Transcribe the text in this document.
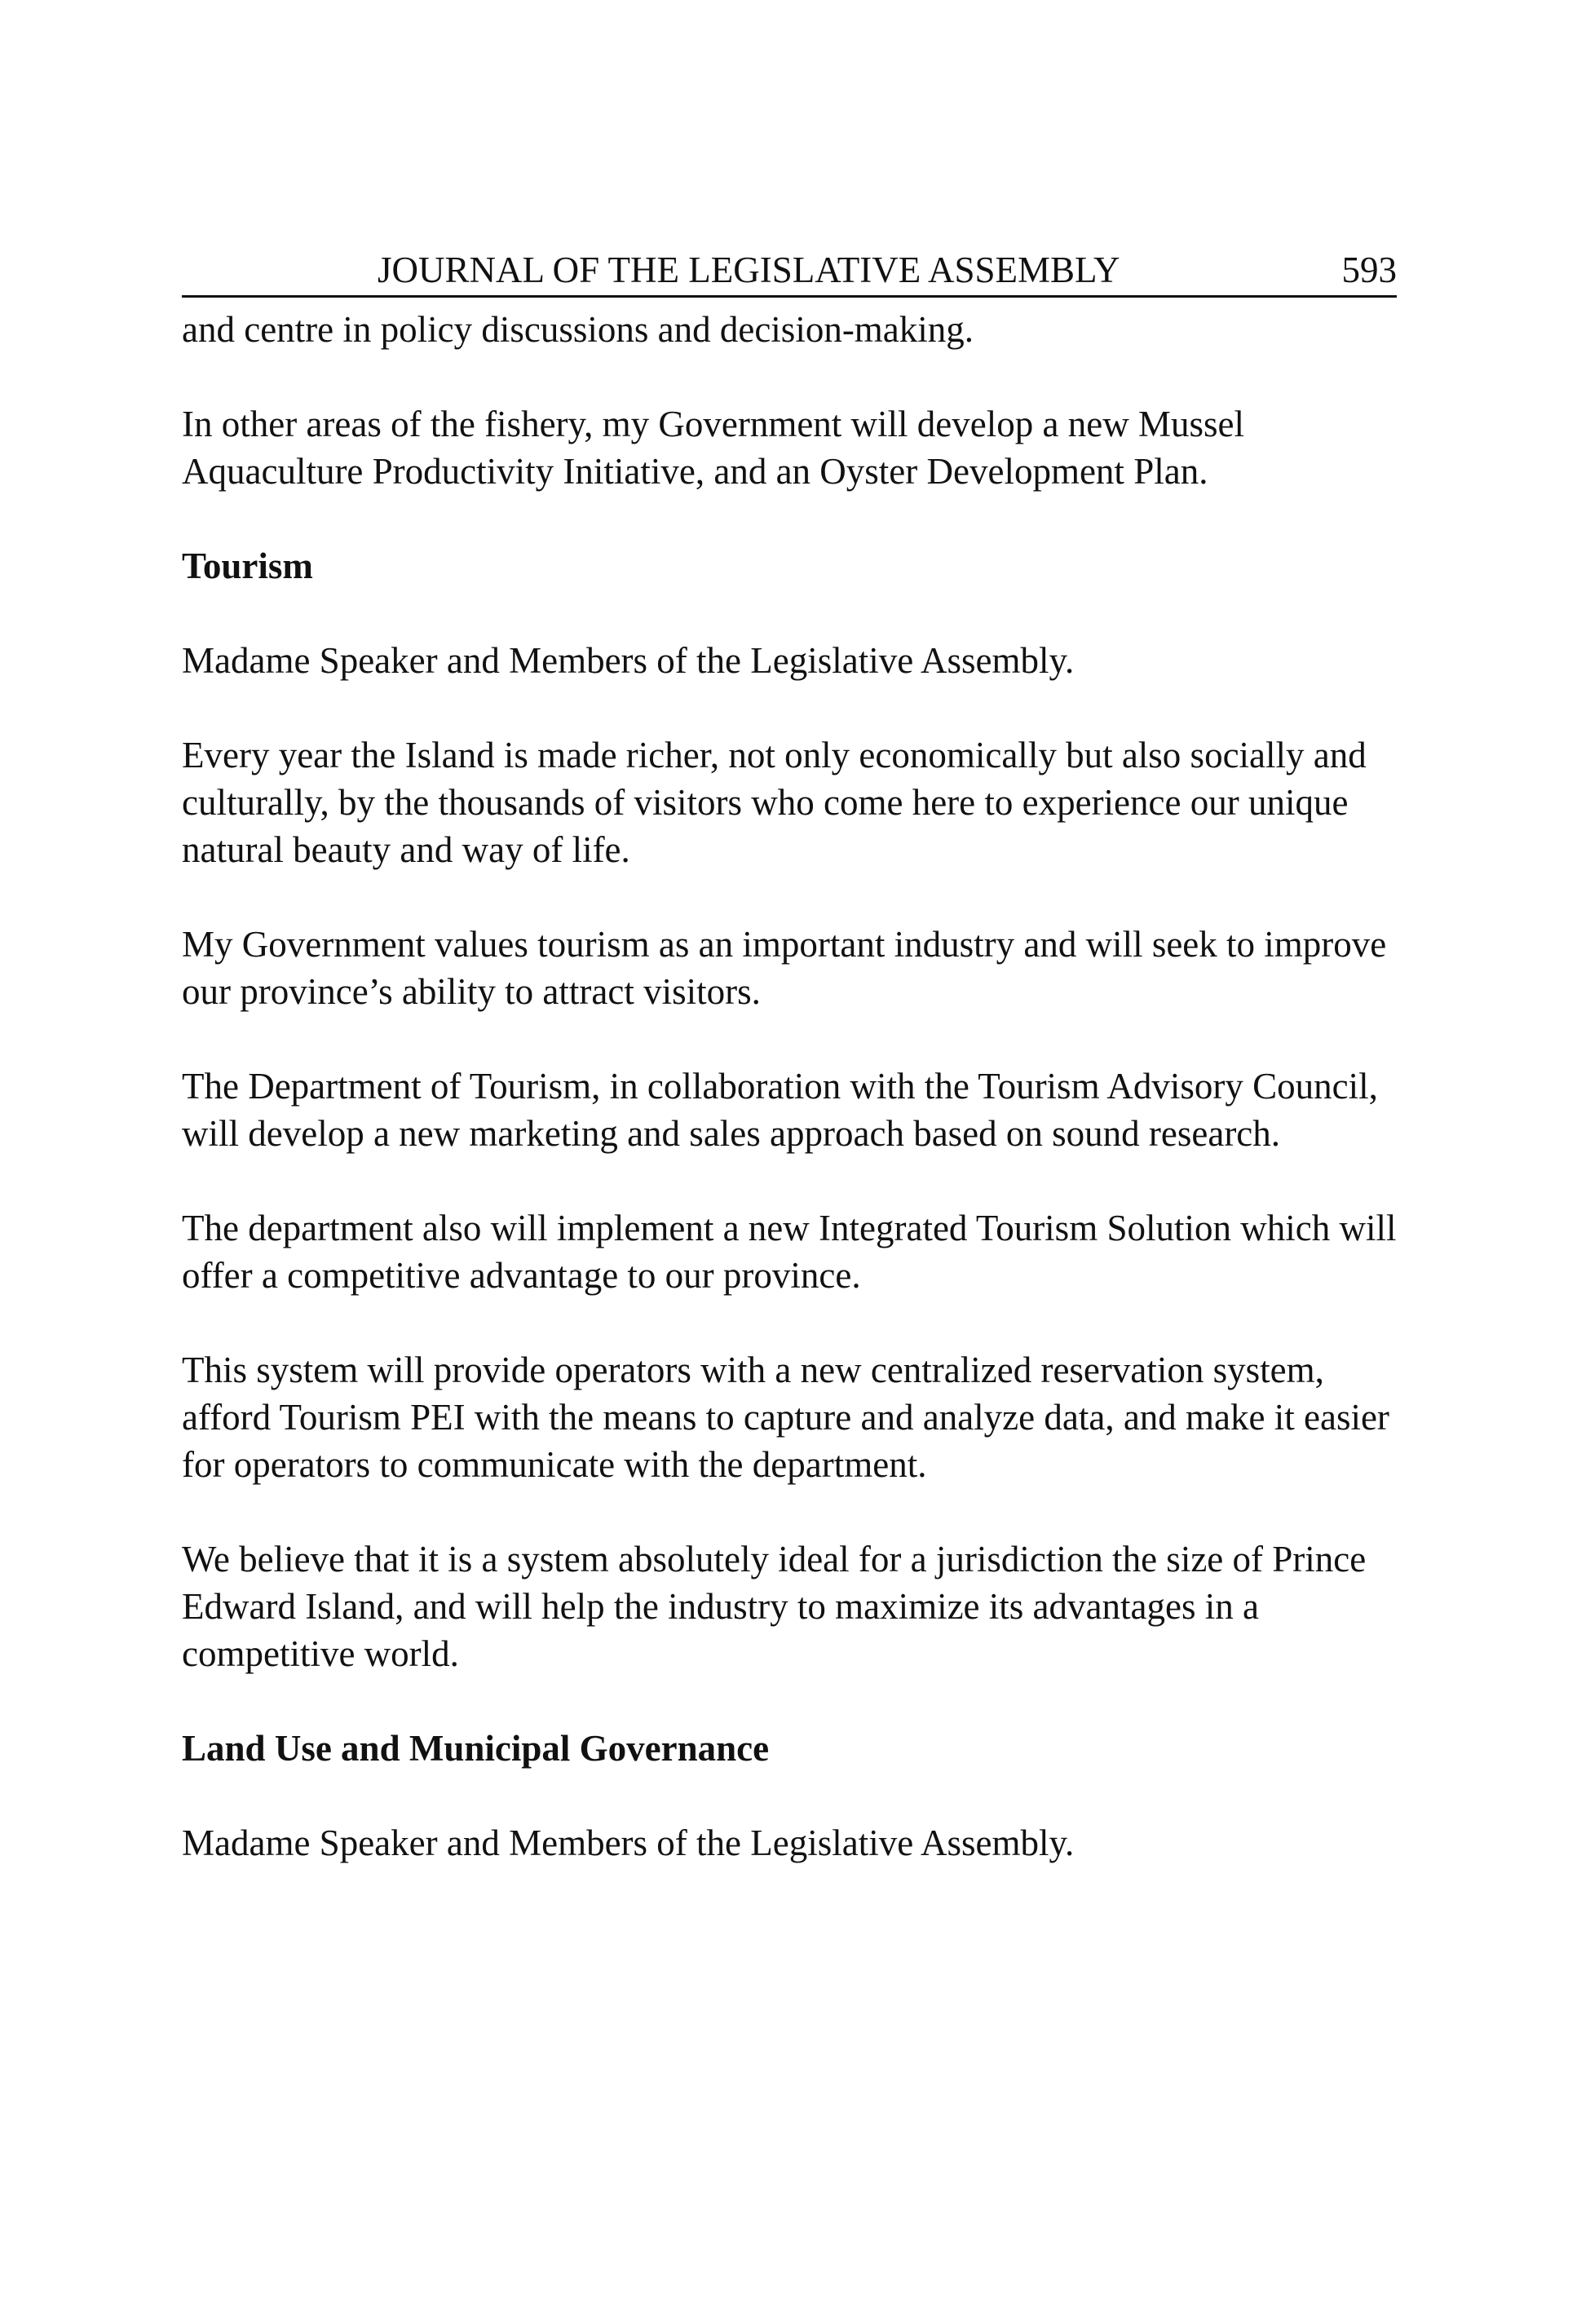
JOURNAL OF THE LEGISLATIVE ASSEMBLY	593

and centre in policy discussions and decision-making.

In other areas of the fishery, my Government will develop a new Mussel Aquaculture Productivity Initiative, and an Oyster Development Plan.

Tourism

Madame Speaker and Members of the Legislative Assembly.

Every year the Island is made richer, not only economically but also socially and culturally, by the thousands of visitors who come here to experience our unique natural beauty and way of life.

My Government values tourism as an important industry and will seek to improve our province’s ability to attract visitors.

The Department of Tourism, in collaboration with the Tourism Advisory Council, will develop a new marketing and sales approach based on sound research.

The department also will implement a new Integrated Tourism Solution which will offer a competitive advantage to our province.

This system will provide operators with a new centralized reservation system, afford Tourism PEI with the means to capture and analyze data, and make it easier for operators to communicate with the department.

We believe that it is a system absolutely ideal for a jurisdiction the size of Prince Edward Island, and will help the industry to maximize its advantages in a competitive world.

Land Use and Municipal Governance

Madame Speaker and Members of the Legislative Assembly.
